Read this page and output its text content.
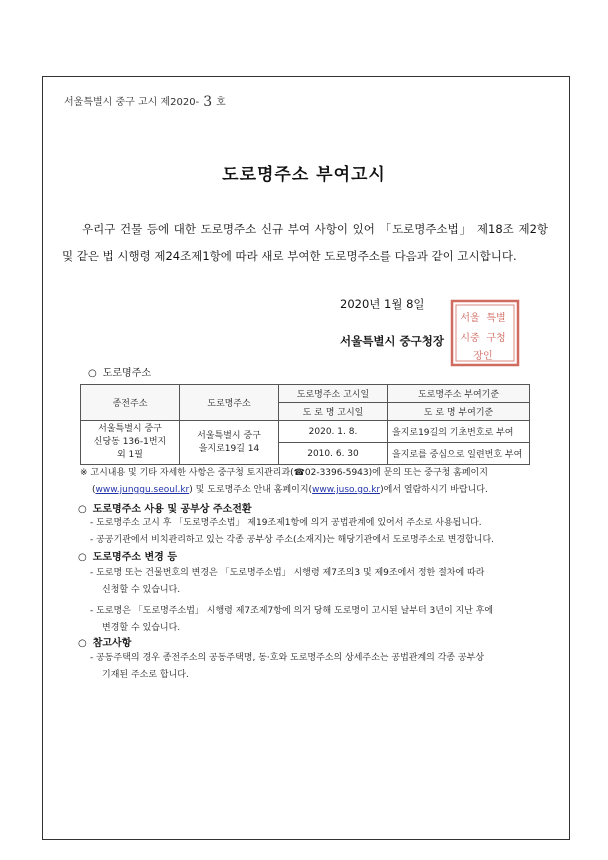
서울특별시 중구 고시 제2020- 3 호
도로명주소 부여고시
우리구 건물 등에 대한 도로명주소 신규 부여 사항이 있어 「도로명주소법」 제18조 제2항 및 같은 법 시행령 제24조제1항에 따라 새로 부여한 도로명주소를 다음과 같이 고시합니다.
2020년 1월 8일
서울특별시 중구청장
서울 특별
시중 구청
장인
○ 도로명주소
종전주소	도로명주소	도로명주소 고시일	도로명주소 부여기준
		도 로 명 고시일	도 로 명 부여기준
서울특별시 중구
신당동 136-1번지
외 1필	서울특별시 중구
을지로19길 14	2020. 1. 8.	을지로19길의 기초번호로 부여
		2010. 6. 30	을지로를 중심으로 일련번호 부여
※ 고시내용 및 기타 자세한 사항은 중구청 토지관리과(☎02-3396-5943)에 문의 또는 중구청 홈페이지
(www.junggu.seoul.kr) 및 도로명주소 안내 홈페이지(www.juso.go.kr)에서 열람하시기 바랍니다.
○ 도로명주소 사용 및 공부상 주소전환
- 도로명주소 고시 후 「도로명주소법」 제19조제1항에 의거 공법관계에 있어서 주소로 사용됩니다.
- 공공기관에서 비치관리하고 있는 각종 공부상 주소(소재지)는 해당기관에서 도로명주소로 변경합니다.
○ 도로명주소 변경 등
- 도로명 또는 건물번호의 변경은 「도로명주소법」 시행령 제7조의3 및 제9조에서 정한 절차에 따라
신청할 수 있습니다.
- 도로명은 「도로명주소법」 시행령 제7조제7항에 의거 당해 도로명이 고시된 날부터 3년이 지난 후에
변경할 수 있습니다.
○ 참고사항
- 공동주택의 경우 종전주소의 공동주택명, 동·호와 도로명주소의 상세주소는 공법관계의 각종 공부상
기재된 주소로 합니다.
